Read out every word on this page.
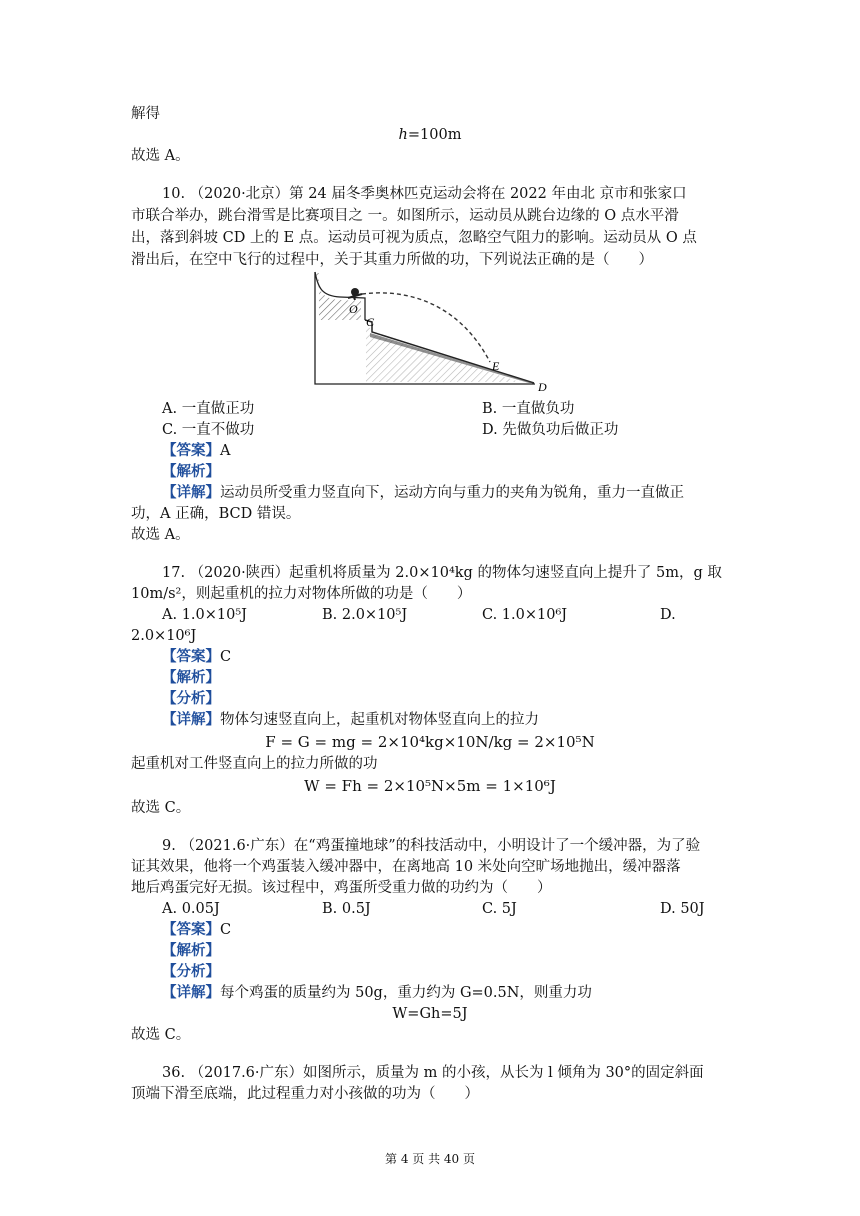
解得
h=100m
故选 A。
10. （2020·北京）第 24 届冬季奥林匹克运动会将在 2022 年由北 京市和张家口
市联合举办，跳台滑雪是比赛项目之 一。如图所示，运动员从跳台边缘的 O 点水平滑
出，落到斜坡 CD 上的 E 点。运动员可视为质点，忽略空气阻力的影响。运动员从 O 点
滑出后，在空中飞行的过程中，关于其重力所做的功，下列说法正确的是（　　）
O
C
E
D
A. 一直做正功	B. 一直做负功
C. 一直不做功	D. 先做负功后做正功
【答案】A
【解析】
【详解】运动员所受重力竖直向下，运动方向与重力的夹角为锐角，重力一直做正
功，A 正确，BCD 错误。
故选 A。
17. （2020·陕西）起重机将质量为 2.0×10⁴kg 的物体匀速竖直向上提升了 5m，g 取
10m/s²，则起重机的拉力对物体所做的功是（　　）
A. 1.0×10⁵J	B. 2.0×10⁵J	C. 1.0×10⁶J	D.
2.0×10⁶J
【答案】C
【解析】
【分析】
【详解】物体匀速竖直向上，起重机对物体竖直向上的拉力
F = G = mg = 2×10⁴kg×10N/kg = 2×10⁵N
起重机对工件竖直向上的拉力所做的功
W = Fh = 2×10⁵N×5m = 1×10⁶J
故选 C。
9. （2021.6·广东）在“鸡蛋撞地球”的科技活动中，小明设计了一个缓冲器，为了验
证其效果，他将一个鸡蛋装入缓冲器中，在离地高 10 米处向空旷场地抛出，缓冲器落
地后鸡蛋完好无损。该过程中，鸡蛋所受重力做的功约为（　　）
A. 0.05J	B. 0.5J	C. 5J	D. 50J
【答案】C
【解析】
【分析】
【详解】每个鸡蛋的质量约为 50g，重力约为 G=0.5N，则重力功
W=Gh=5J
故选 C。
36. （2017.6·广东）如图所示，质量为 m 的小孩，从长为 l 倾角为 30°的固定斜面
顶端下滑至底端，此过程重力对小孩做的功为（　　）
第 4 页 共 40 页
